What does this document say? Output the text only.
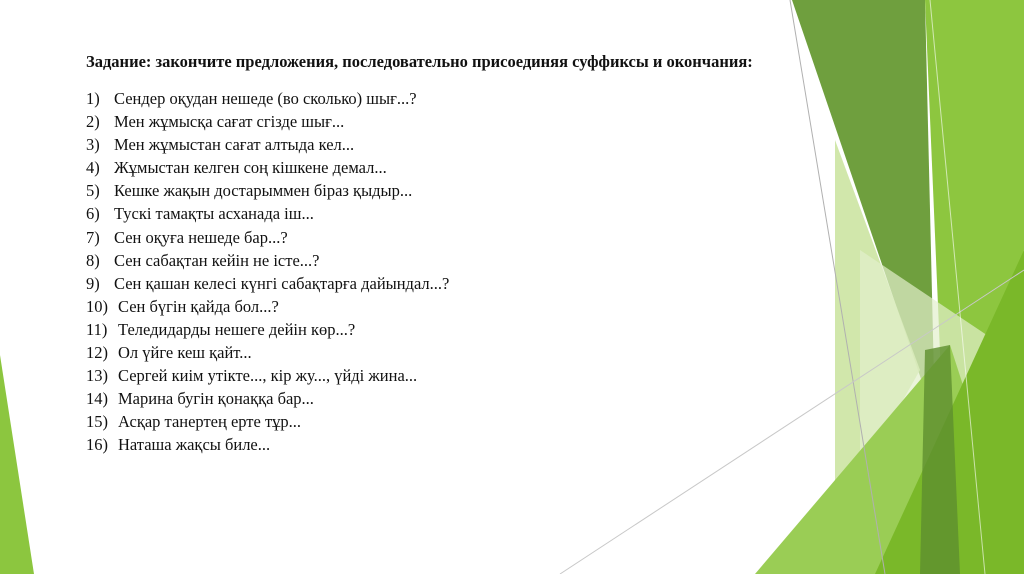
Задание: закончите предложения, последовательно присоединяя суффиксы и окончания:

1) Сендер оқудан нешеде (во сколько) шығ...?
2) Мен жұмысқа сағат сгізде шығ...
3) Мен жұмыстан сағат алтыда кел...
4) Жұмыстан келген соң кішкене демал...
5) Кешке жақын достарыммен біраз қыдыр...
6) Тускі тамақты асханада іш...
7) Сен оқуға нешеде бар...?
8) Сен сабақтан кейін не істе...?
9) Сен қашан келесі күнгі сабақтарға дайындал...?
10) Сен бүгін қайда бол...?
11) Теледидарды нешеге дейін көр...?
12) Ол үйге кеш қайт...
13) Сергей киім утікте..., кір жу..., үйді жина...
14) Марина бугін қонаққа бар...
15) Асқар танертең ерте тұр...
16) Наташа жақсы биле...
